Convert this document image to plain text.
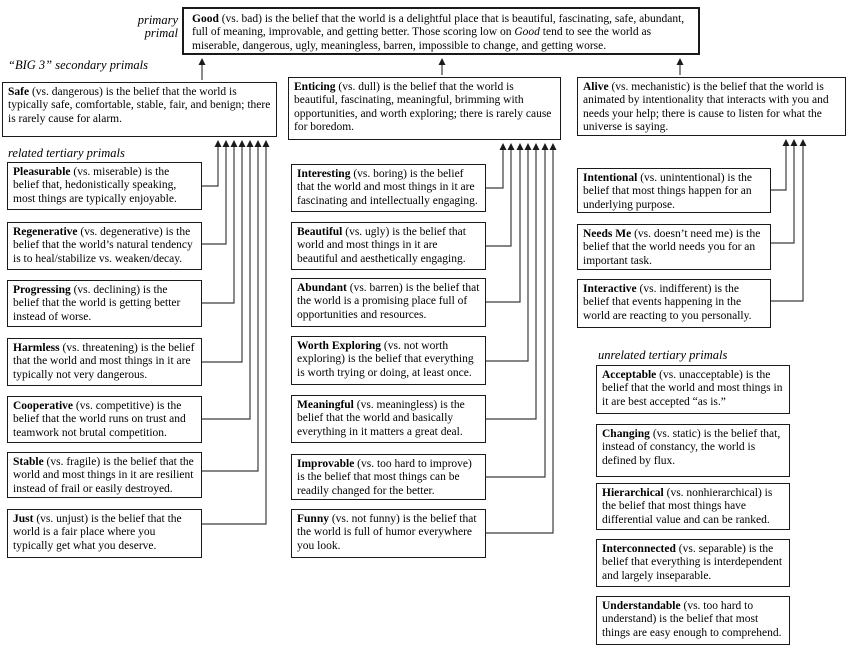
primary primal
“BIG 3” secondary primals
related tertiary primals
unrelated tertiary primals
Good (vs. bad) is the belief that the world is a delightful place that is beautiful, fascinating, safe, abundant, full of meaning, improvable, and getting better. Those scoring low on Good tend to see the world as miserable, dangerous, ugly, meaningless, barren, impossible to change, and getting worse.
Safe (vs. dangerous) is the belief that the world is typically safe, comfortable, stable, fair, and benign; there is rarely cause for alarm.
Enticing (vs. dull) is the belief that the world is beautiful, fascinating, meaningful, brimming with opportunities, and worth exploring; there is rarely cause for boredom.
Alive (vs. mechanistic) is the belief that the world is animated by intentionality that interacts with you and needs your help; there is cause to listen for what the universe is saying.
Pleasurable (vs. miserable) is the belief that, hedonistically speaking, most things are typically enjoyable.
Regenerative (vs. degenerative) is the belief that the world’s natural tendency is to heal/stabilize vs. weaken/decay.
Progressing (vs. declining) is the belief that the world is getting better instead of worse.
Harmless (vs. threatening) is the belief that the world and most things in it are typically not very dangerous.
Cooperative (vs. competitive) is the belief that the world runs on trust and teamwork not brutal competition.
Stable (vs. fragile) is the belief that the world and most things in it are resilient instead of frail or easily destroyed.
Just (vs. unjust) is the belief that the world is a fair place where you typically get what you deserve.
Interesting (vs. boring) is the belief that the world and most things in it are fascinating and intellectually engaging.
Beautiful (vs. ugly) is the belief that world and most things in it are beautiful and aesthetically engaging.
Abundant (vs. barren) is the belief that the world is a promising place full of opportunities and resources.
Worth Exploring (vs. not worth exploring) is the belief that everything is worth trying or doing, at least once.
Meaningful (vs. meaningless) is the belief that the world and basically everything in it matters a great deal.
Improvable (vs. too hard to improve) is the belief that most things can be readily changed for the better.
Funny (vs. not funny) is the belief that the world is full of humor everywhere you look.
Intentional (vs. unintentional) is the belief that most things happen for an underlying purpose.
Needs Me (vs. doesn’t need me) is the belief that the world needs you for an important task.
Interactive (vs. indifferent) is the belief that events happening in the world are reacting to you personally.
Acceptable (vs. unacceptable) is the belief that the world and most things in it are best accepted “as is.”
Changing (vs. static) is the belief that, instead of constancy, the world is defined by flux.
Hierarchical (vs. nonhierarchical) is the belief that most things have differential value and can be ranked.
Interconnected (vs. separable) is the belief that everything is interdependent and largely inseparable.
Understandable (vs. too hard to understand) is the belief that most things are easy enough to comprehend.
